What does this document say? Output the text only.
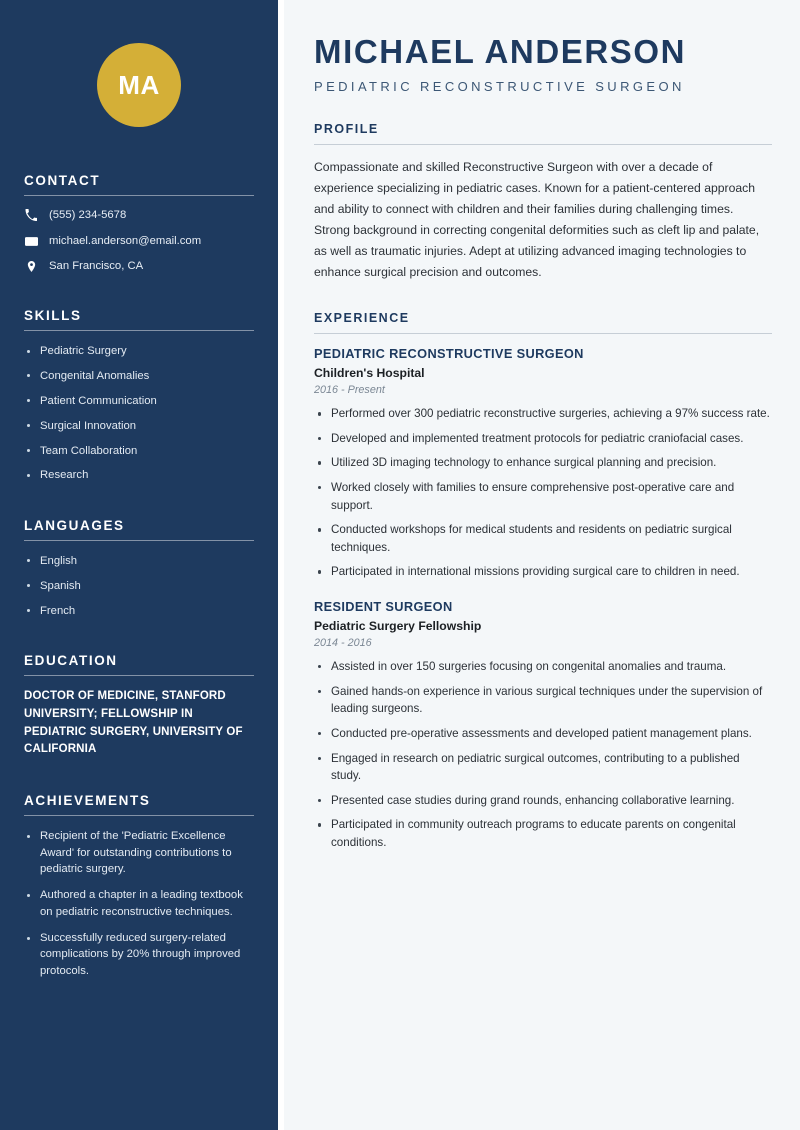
MA
CONTACT
(555) 234-5678
michael.anderson@email.com
San Francisco, CA
SKILLS
Pediatric Surgery
Congenital Anomalies
Patient Communication
Surgical Innovation
Team Collaboration
Research
LANGUAGES
English
Spanish
French
EDUCATION
DOCTOR OF MEDICINE, STANFORD UNIVERSITY; FELLOWSHIP IN PEDIATRIC SURGERY, UNIVERSITY OF CALIFORNIA
ACHIEVEMENTS
Recipient of the 'Pediatric Excellence Award' for outstanding contributions to pediatric surgery.
Authored a chapter in a leading textbook on pediatric reconstructive techniques.
Successfully reduced surgery-related complications by 20% through improved protocols.
MICHAEL ANDERSON
PEDIATRIC RECONSTRUCTIVE SURGEON
PROFILE

Compassionate and skilled Reconstructive Surgeon with over a decade of experience specializing in pediatric cases. Known for a patient-centered approach and ability to connect with children and their families during challenging times. Strong background in correcting congenital deformities such as cleft lip and palate, as well as traumatic injuries. Adept at utilizing advanced imaging technologies to enhance surgical precision and outcomes.

EXPERIENCE
PEDIATRIC RECONSTRUCTIVE SURGEON
Children's Hospital
2016 - Present
Performed over 300 pediatric reconstructive surgeries, achieving a 97% success rate.
Developed and implemented treatment protocols for pediatric craniofacial cases.
Utilized 3D imaging technology to enhance surgical planning and precision.
Worked closely with families to ensure comprehensive post-operative care and support.
Conducted workshops for medical students and residents on pediatric surgical techniques.
Participated in international missions providing surgical care to children in need.
RESIDENT SURGEON
Pediatric Surgery Fellowship
2014 - 2016
Assisted in over 150 surgeries focusing on congenital anomalies and trauma.
Gained hands-on experience in various surgical techniques under the supervision of leading surgeons.
Conducted pre-operative assessments and developed patient management plans.
Engaged in research on pediatric surgical outcomes, contributing to a published study.
Presented case studies during grand rounds, enhancing collaborative learning.
Participated in community outreach programs to educate parents on congenital conditions.
